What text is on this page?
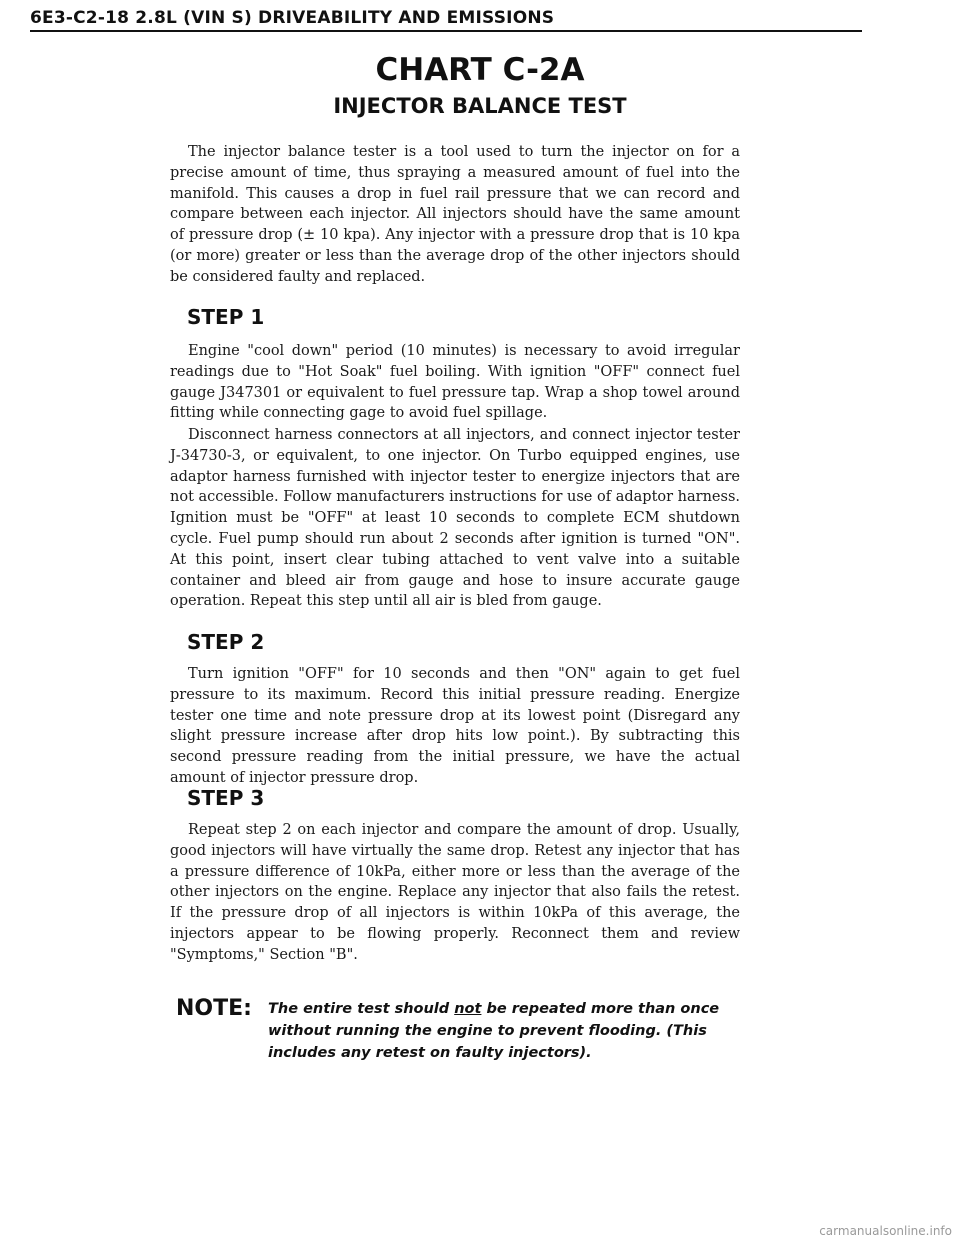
6E3-C2-18 2.8L (VIN S) DRIVEABILITY AND EMISSIONS
CHART C-2A
INJECTOR BALANCE TEST

The injector balance tester is a tool used to turn the injector on for a precise amount of time, thus spraying a measured amount of fuel into the manifold. This causes a drop in fuel rail pressure that we can record and compare between each injector. All injectors should have the same amount of pressure drop (± 10 kpa). Any injector with a pressure drop that is 10 kpa (or more) greater or less than the average drop of the other injectors should be considered faulty and replaced.

STEP 1

Engine "cool down" period (10 minutes) is necessary to avoid irregular readings due to "Hot Soak" fuel boiling. With ignition "OFF" connect fuel gauge J347301 or equivalent to fuel pressure tap. Wrap a shop towel around fitting while connecting gage to avoid fuel spillage.

Disconnect harness connectors at all injectors, and connect injector tester J-34730-3, or equivalent, to one injector. On Turbo equipped engines, use adaptor harness furnished with injector tester to energize injectors that are not accessible. Follow manufacturers instructions for use of adaptor harness. Ignition must be "OFF" at least 10 seconds to complete ECM shutdown cycle. Fuel pump should run about 2 seconds after ignition is turned "ON". At this point, insert clear tubing attached to vent valve into a suitable container and bleed air from gauge and hose to insure accurate gauge operation. Repeat this step until all air is bled from gauge.

STEP 2

Turn ignition "OFF" for 10 seconds and then "ON" again to get fuel pressure to its maximum. Record this initial pressure reading. Energize tester one time and note pressure drop at its lowest point (Disregard any slight pressure increase after drop hits low point.). By subtracting this second pressure reading from the initial pressure, we have the actual amount of injector pressure drop.

STEP 3

Repeat step 2 on each injector and compare the amount of drop. Usually, good injectors will have virtually the same drop. Retest any injector that has a pressure difference of 10kPa, either more or less than the average of the other injectors on the engine. Replace any injector that also fails the retest. If the pressure drop of all injectors is within 10kPa of this average, the injectors appear to be flowing properly. Reconnect them and review "Symptoms," Section "B".

NOTE: The entire test should not be repeated more than once without running the engine to prevent flooding. (This includes any retest on faulty injectors).

carmanualsonline.info
